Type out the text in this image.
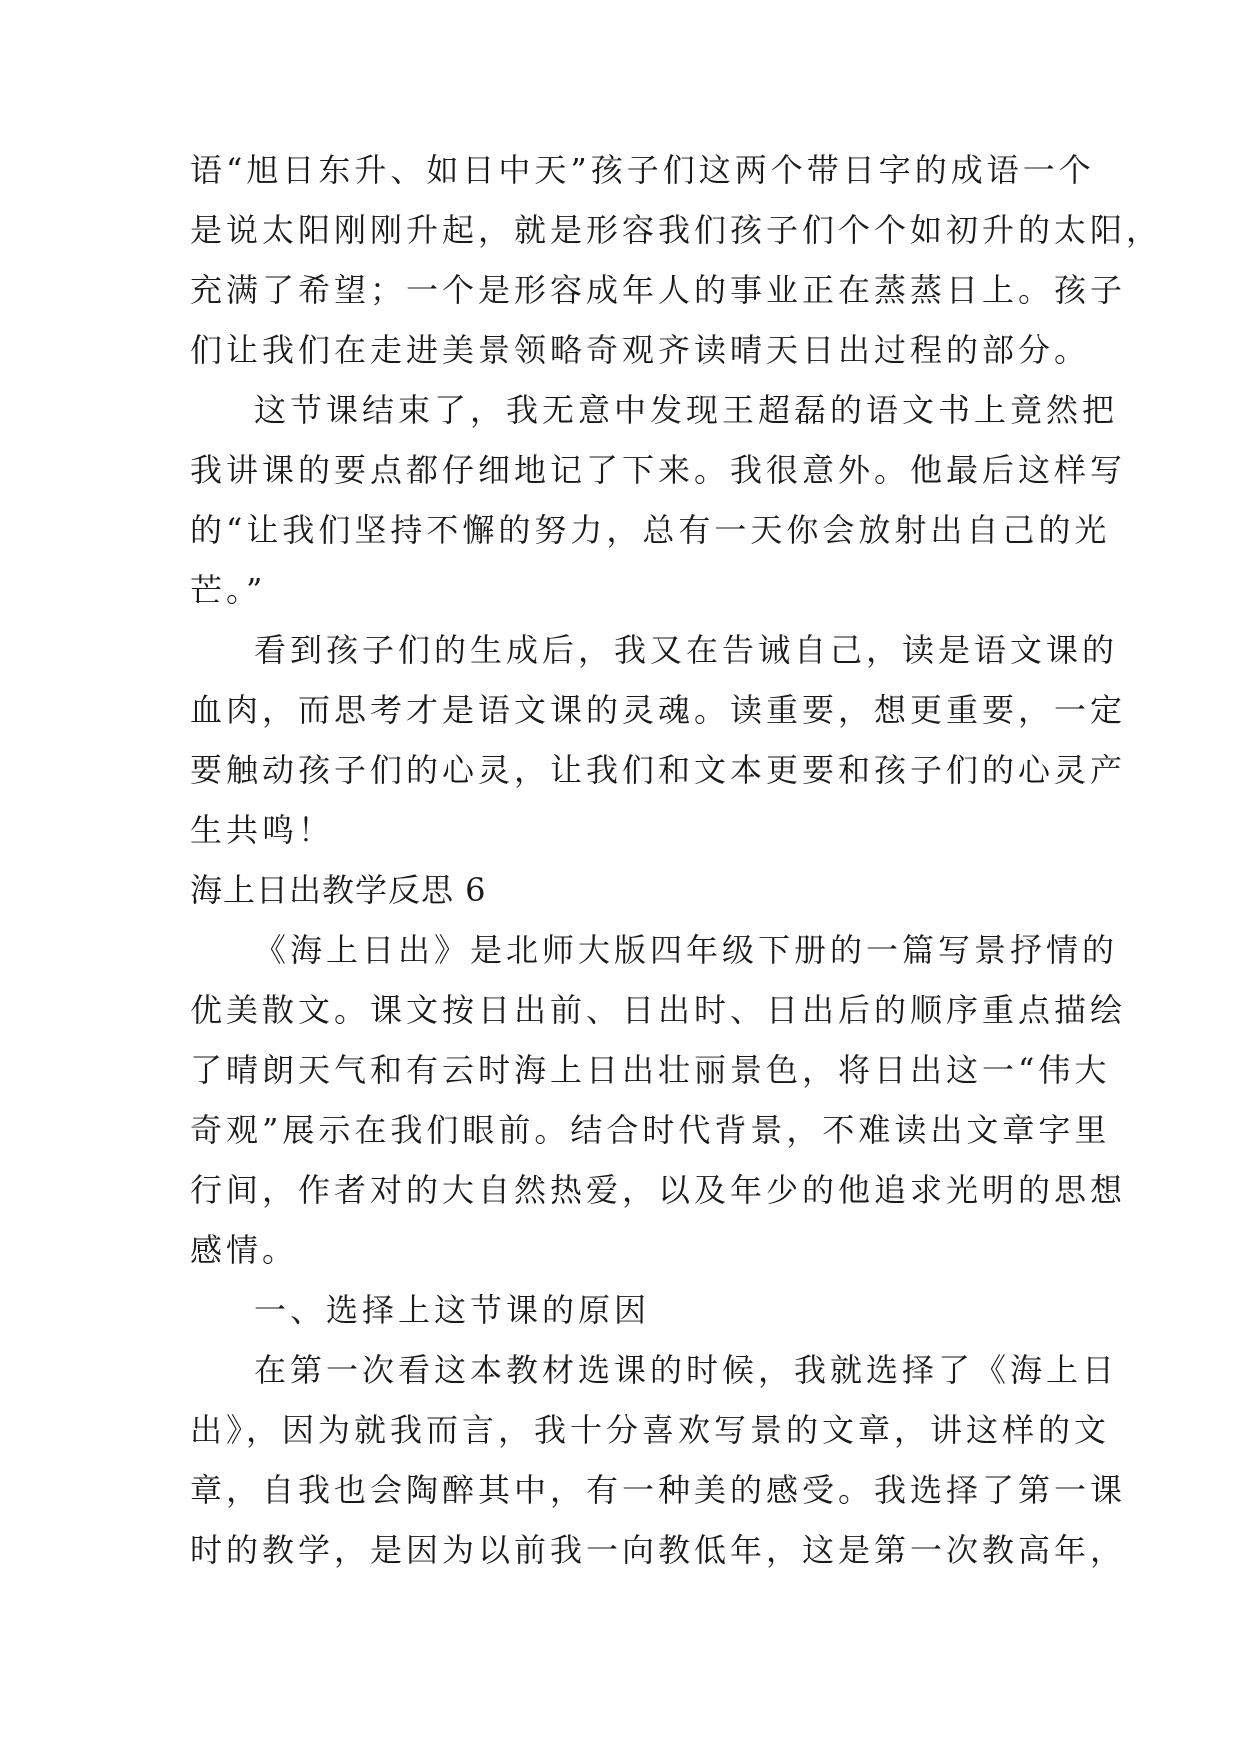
语“旭日东升、如日中天”孩子们这两个带日字的成语一个
是说太阳刚刚升起，就是形容我们孩子们个个如初升的太阳，
充满了希望；一个是形容成年人的事业正在蒸蒸日上。孩子
们让我们在走进美景领略奇观齐读晴天日出过程的部分。
这节课结束了，我无意中发现王超磊的语文书上竟然把
我讲课的要点都仔细地记了下来。我很意外。他最后这样写
的“让我们坚持不懈的努力，总有一天你会放射出自己的光
芒。”
看到孩子们的生成后，我又在告诫自己，读是语文课的
血肉，而思考才是语文课的灵魂。读重要，想更重要，一定
要触动孩子们的心灵，让我们和文本更要和孩子们的心灵产
生共鸣！
海上日出教学反思 6
《海上日出》是北师大版四年级下册的一篇写景抒情的
优美散文。课文按日出前、日出时、日出后的顺序重点描绘
了晴朗天气和有云时海上日出壮丽景色，将日出这一“伟大
奇观”展示在我们眼前。结合时代背景，不难读出文章字里
行间，作者对的大自然热爱，以及年少的他追求光明的思想
感情。
一、选择上这节课的原因
在第一次看这本教材选课的时候，我就选择了《海上日
出》，因为就我而言，我十分喜欢写景的文章，讲这样的文
章，自我也会陶醉其中，有一种美的感受。我选择了第一课
时的教学，是因为以前我一向教低年，这是第一次教高年，
